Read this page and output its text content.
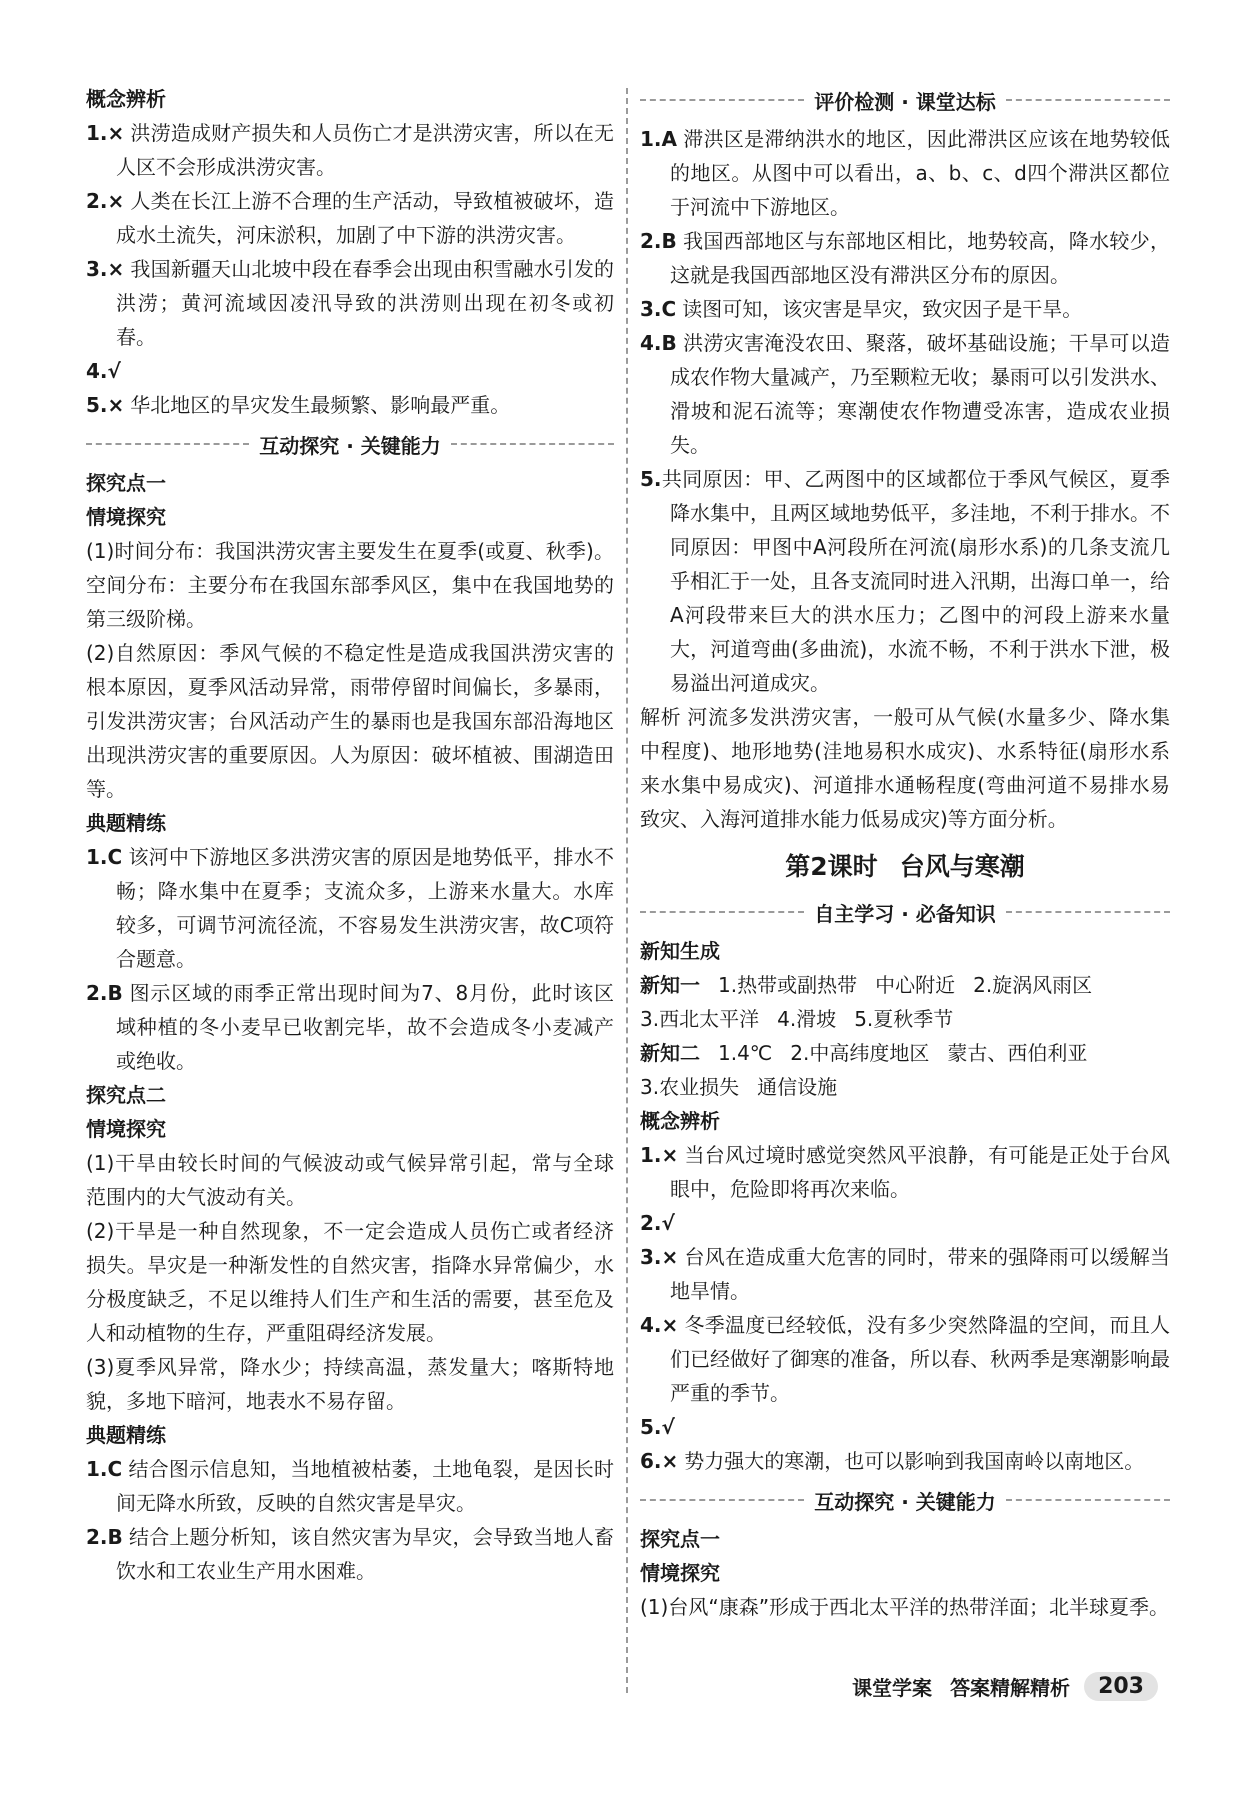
概念辨析

1.× 洪涝造成财产损失和人员伤亡才是洪涝灾害，所以在无人区不会形成洪涝灾害。

2.× 人类在长江上游不合理的生产活动，导致植被破坏，造成水土流失，河床淤积，加剧了中下游的洪涝灾害。

3.× 我国新疆天山北坡中段在春季会出现由积雪融水引发的洪涝；黄河流域因凌汛导致的洪涝则出现在初冬或初春。

4.√

5.× 华北地区的旱灾发生最频繁、影响最严重。

互动探究 · 关键能力

探究点一

情境探究

(1)时间分布：我国洪涝灾害主要发生在夏季(或夏、秋季)。空间分布：主要分布在我国东部季风区，集中在我国地势的第三级阶梯。

(2)自然原因：季风气候的不稳定性是造成我国洪涝灾害的根本原因，夏季风活动异常，雨带停留时间偏长，多暴雨，引发洪涝灾害；台风活动产生的暴雨也是我国东部沿海地区出现洪涝灾害的重要原因。人为原因：破坏植被、围湖造田等。

典题精练

1.C 该河中下游地区多洪涝灾害的原因是地势低平，排水不畅；降水集中在夏季；支流众多，上游来水量大。水库较多，可调节河流径流，不容易发生洪涝灾害，故C项符合题意。

2.B 图示区域的雨季正常出现时间为7、8月份，此时该区域种植的冬小麦早已收割完毕，故不会造成冬小麦减产或绝收。

探究点二

情境探究

(1)干旱由较长时间的气候波动或气候异常引起，常与全球范围内的大气波动有关。

(2)干旱是一种自然现象，不一定会造成人员伤亡或者经济损失。旱灾是一种渐发性的自然灾害，指降水异常偏少，水分极度缺乏，不足以维持人们生产和生活的需要，甚至危及人和动植物的生存，严重阻碍经济发展。

(3)夏季风异常，降水少；持续高温，蒸发量大；喀斯特地貌，多地下暗河，地表水不易存留。

典题精练

1.C 结合图示信息知，当地植被枯萎，土地龟裂，是因长时间无降水所致，反映的自然灾害是旱灾。

2.B 结合上题分析知，该自然灾害为旱灾，会导致当地人畜饮水和工农业生产用水困难。

评价检测 · 课堂达标

1.A 滞洪区是滞纳洪水的地区，因此滞洪区应该在地势较低的地区。从图中可以看出，a、b、c、d四个滞洪区都位于河流中下游地区。

2.B 我国西部地区与东部地区相比，地势较高，降水较少，这就是我国西部地区没有滞洪区分布的原因。

3.C 读图可知，该灾害是旱灾，致灾因子是干旱。

4.B 洪涝灾害淹没农田、聚落，破坏基础设施；干旱可以造成农作物大量减产，乃至颗粒无收；暴雨可以引发洪水、滑坡和泥石流等；寒潮使农作物遭受冻害，造成农业损失。

5.共同原因：甲、乙两图中的区域都位于季风气候区，夏季降水集中，且两区域地势低平，多洼地，不利于排水。不同原因：甲图中A河段所在河流(扇形水系)的几条支流几乎相汇于一处，且各支流同时进入汛期，出海口单一，给A河段带来巨大的洪水压力；乙图中的河段上游来水量大，河道弯曲(多曲流)，水流不畅，不利于洪水下泄，极易溢出河道成灾。

解析 河流多发洪涝灾害，一般可从气候(水量多少、降水集中程度)、地形地势(洼地易积水成灾)、水系特征(扇形水系来水集中易成灾)、河道排水通畅程度(弯曲河道不易排水易致灾、入海河道排水能力低易成灾)等方面分析。

第2课时 台风与寒潮
自主学习 · 必备知识

新知生成

新知一 1.热带或副热带 中心附近 2.旋涡风雨区

3.西北太平洋 4.滑坡 5.夏秋季节

新知二 1.4℃ 2.中高纬度地区 蒙古、西伯利亚

3.农业损失 通信设施

概念辨析

1.× 当台风过境时感觉突然风平浪静，有可能是正处于台风眼中，危险即将再次来临。

2.√

3.× 台风在造成重大危害的同时，带来的强降雨可以缓解当地旱情。

4.× 冬季温度已经较低，没有多少突然降温的空间，而且人们已经做好了御寒的准备，所以春、秋两季是寒潮影响最严重的季节。

5.√

6.× 势力强大的寒潮，也可以影响到我国南岭以南地区。

互动探究 · 关键能力

探究点一

情境探究

(1)台风“康森”形成于西北太平洋的热带洋面；北半球夏季。

课堂学案 答案精解精析	203
